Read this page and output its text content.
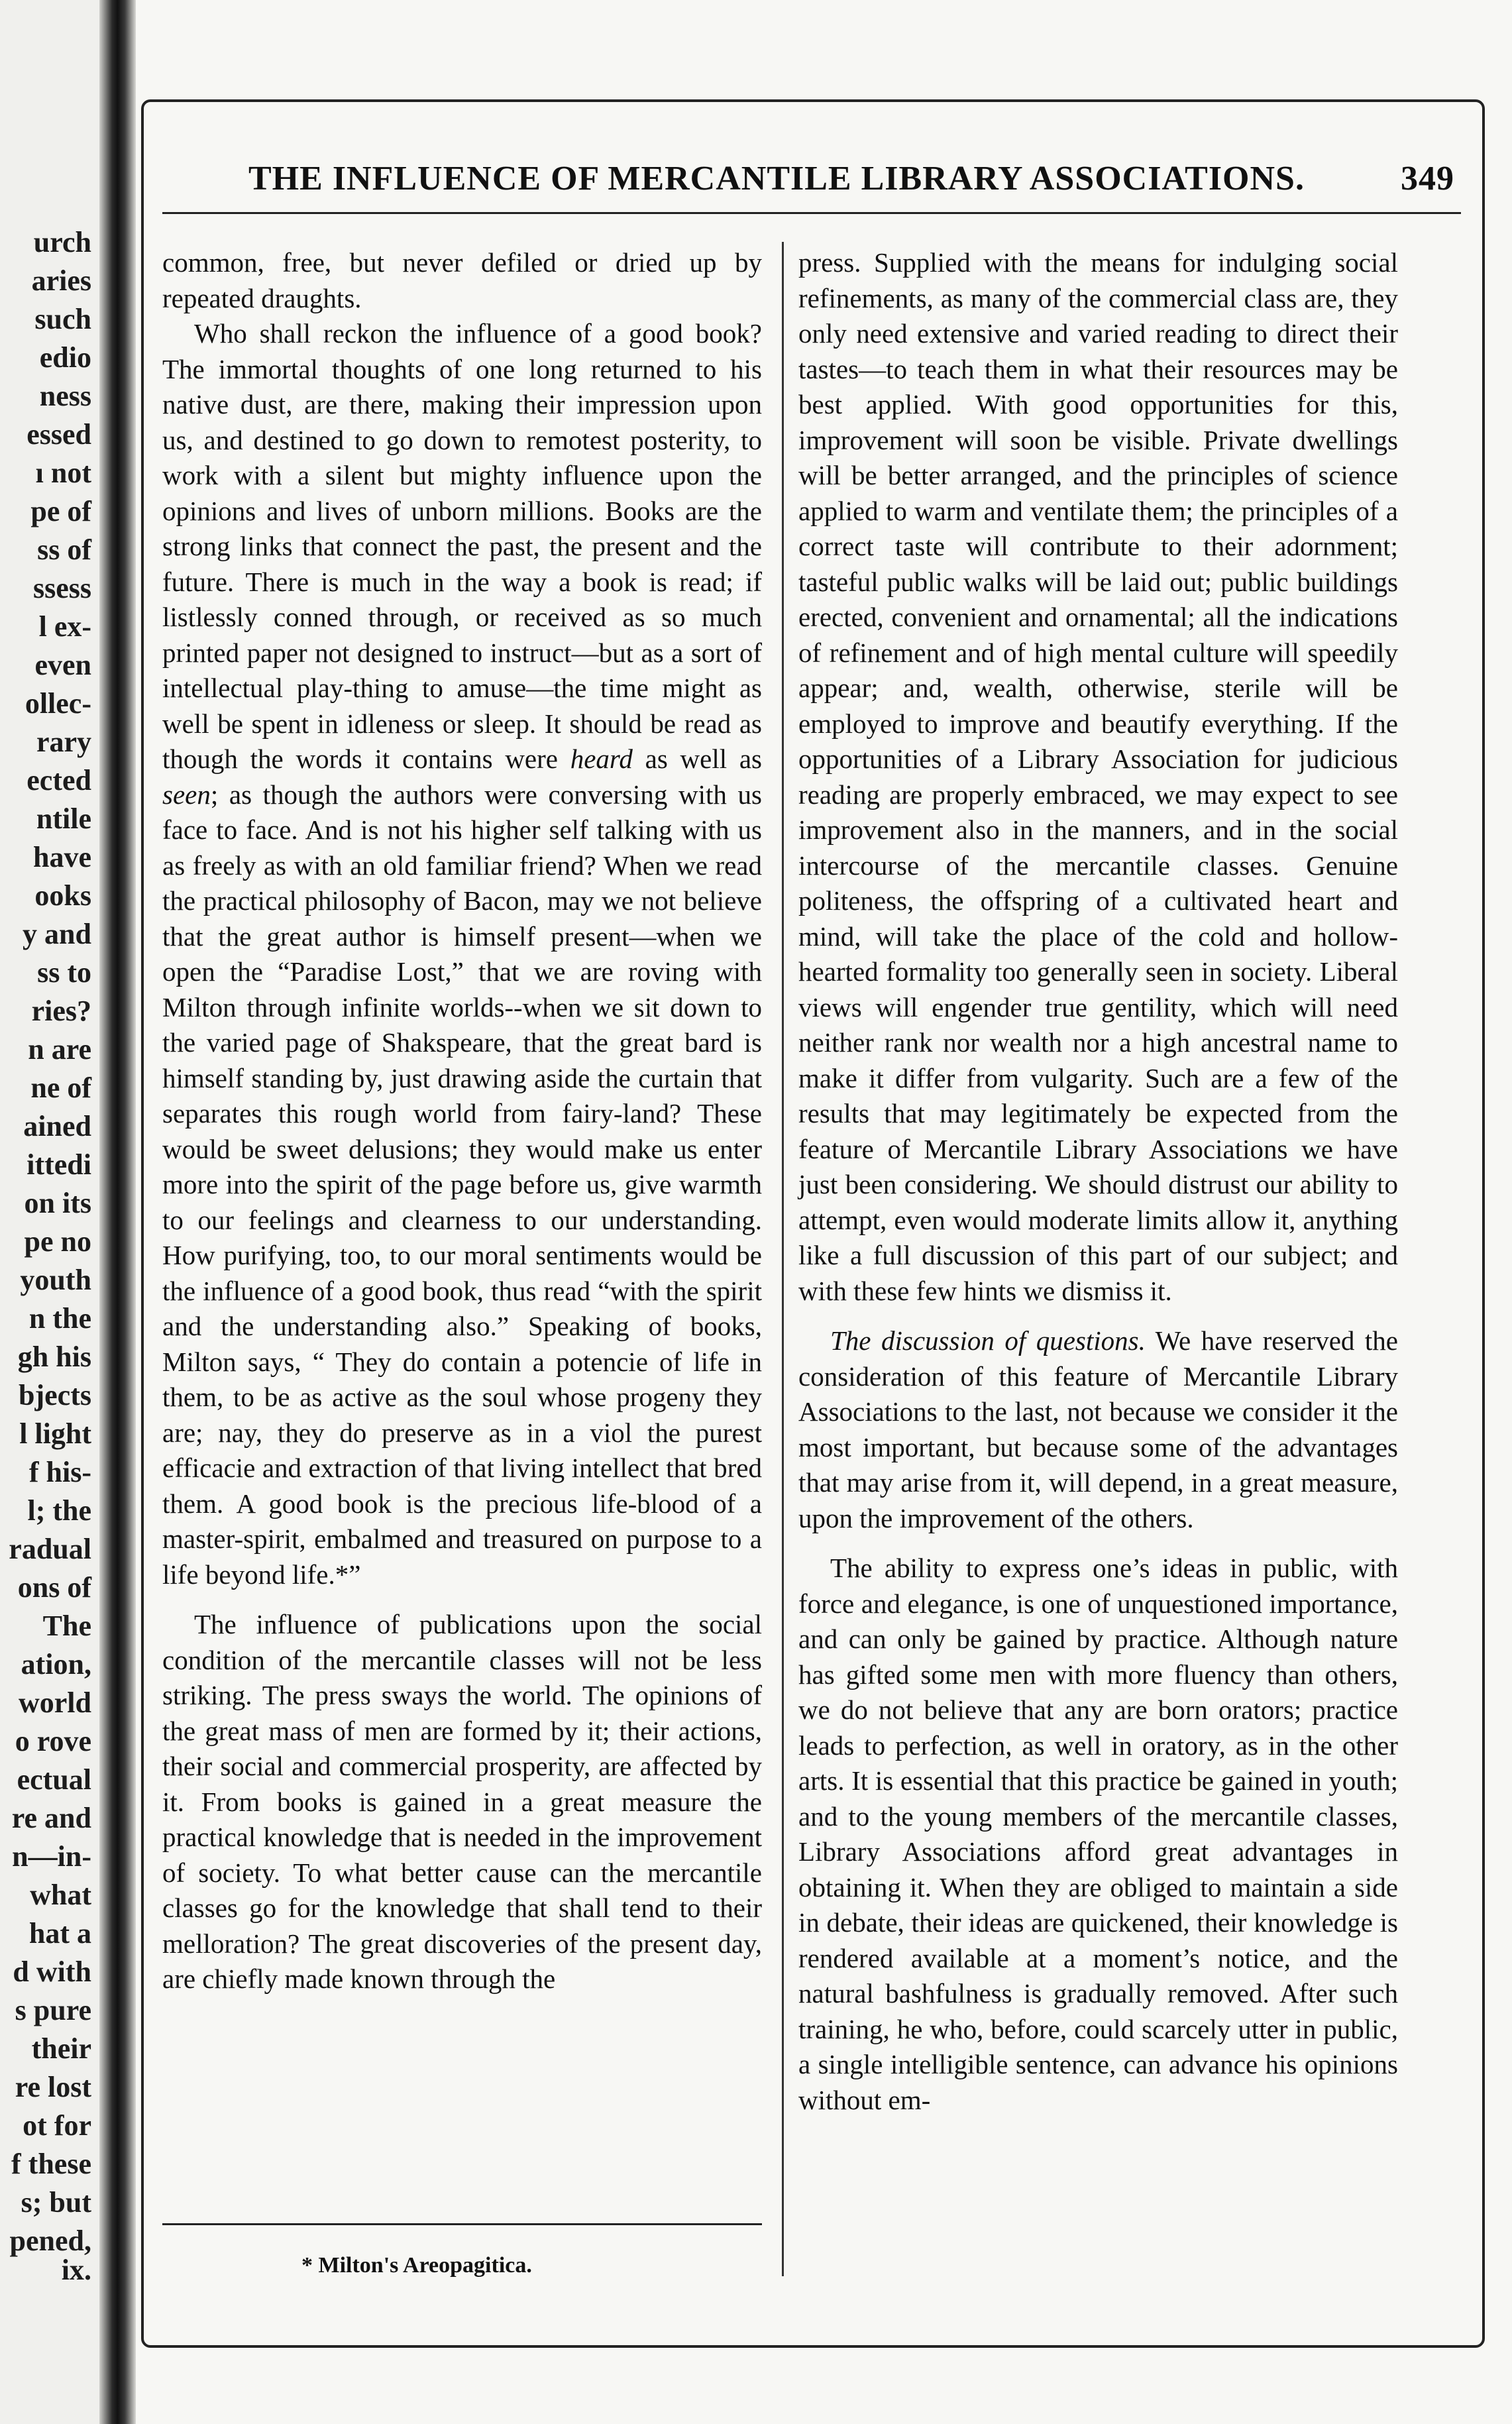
urch
aries
such
edio
ness
essed
ı not
pe of
ss of
ssess
l ex-
even
ollec-
rary
ected
ntile
have
ooks
y and
ss to
ries?
n are
ne of
ained
ittedi
on its
pe no
youth
n the
gh his
bjects
l light
f his-
l; the
radual
ons of
The
ation,
world
o rove
ectual
re and
n—in-
what
hat a
d with
s pure
their
re lost
ot for
f these
s; but
pened,
ix.
THE INFLUENCE OF MERCANTILE LIBRARY ASSOCIATIONS.	349

common, free, but never defiled or dried up by repeated draughts.

Who shall reckon the influence of a good book? The immortal thoughts of one long returned to his native dust, are there, making their impression upon us, and destined to go down to remotest posterity, to work with a silent but mighty influence upon the opinions and lives of unborn millions. Books are the strong links that connect the past, the present and the future. There is much in the way a book is read; if listlessly conned through, or received as so much printed paper not designed to instruct—but as a sort of intellectual play-thing to amuse—the time might as well be spent in idleness or sleep. It should be read as though the words it contains were heard as well as seen; as though the authors were conversing with us face to face. And is not his higher self talking with us as freely as with an old familiar friend? When we read the practical philosophy of Bacon, may we not believe that the great author is himself present—when we open the “Paradise Lost,” that we are roving with Milton through infinite worlds--when we sit down to the varied page of Shakspeare, that the great bard is himself standing by, just drawing aside the curtain that separates this rough world from fairy-land? These would be sweet delusions; they would make us enter more into the spirit of the page before us, give warmth to our feelings and clearness to our understanding. How purifying, too, to our moral sentiments would be the influence of a good book, thus read “with the spirit and the understanding also.” Speaking of books, Milton says, “ They do contain a potencie of life in them, to be as active as the soul whose progeny they are; nay, they do preserve as in a viol the purest efficacie and extraction of that living intellect that bred them. A good book is the precious life-blood of a master-spirit, embalmed and treasured on purpose to a life beyond life.*”

The influence of publications upon the social condition of the mercantile classes will not be less striking. The press sways the world. The opinions of the great mass of men are formed by it; their actions, their social and commercial prosperity, are affected by it. From books is gained in a great measure the practical knowledge that is needed in the improvement of society. To what better cause can the mercantile classes go for the knowledge that shall tend to their melloration? The great discoveries of the present day, are chiefly made known through the

press. Supplied with the means for indulging social refinements, as many of the commercial class are, they only need extensive and varied reading to direct their tastes—to teach them in what their resources may be best applied. With good opportunities for this, improvement will soon be visible. Private dwellings will be better arranged, and the principles of science applied to warm and ventilate them; the principles of a correct taste will contribute to their adornment; tasteful public walks will be laid out; public buildings erected, convenient and ornamental; all the indications of refinement and of high mental culture will speedily appear; and, wealth, otherwise, sterile will be employed to improve and beautify everything. If the opportunities of a Library Association for judicious reading are properly embraced, we may expect to see improvement also in the manners, and in the social intercourse of the mercantile classes. Genuine politeness, the offspring of a cultivated heart and mind, will take the place of the cold and hollow-hearted formality too generally seen in society. Liberal views will engender true gentility, which will need neither rank nor wealth nor a high ancestral name to make it differ from vulgarity. Such are a few of the results that may legitimately be expected from the feature of Mercantile Library Associations we have just been considering. We should distrust our ability to attempt, even would moderate limits allow it, anything like a full discussion of this part of our subject; and with these few hints we dismiss it.

The discussion of questions. We have reserved the consideration of this feature of Mercantile Library Associations to the last, not because we consider it the most important, but because some of the advantages that may arise from it, will depend, in a great measure, upon the improvement of the others.

The ability to express one’s ideas in public, with force and elegance, is one of unquestioned importance, and can only be gained by practice. Although nature has gifted some men with more fluency than others, we do not believe that any are born orators; practice leads to perfection, as well in oratory, as in the other arts. It is essential that this practice be gained in youth; and to the young members of the mercantile classes, Library Associations afford great advantages in obtaining it. When they are obliged to maintain a side in debate, their ideas are quickened, their knowledge is rendered available at a moment’s notice, and the natural bashfulness is gradually removed. After such training, he who, before, could scarcely utter in public, a single intelligible sentence, can advance his opinions without em-

* Milton's Areopagitica.
